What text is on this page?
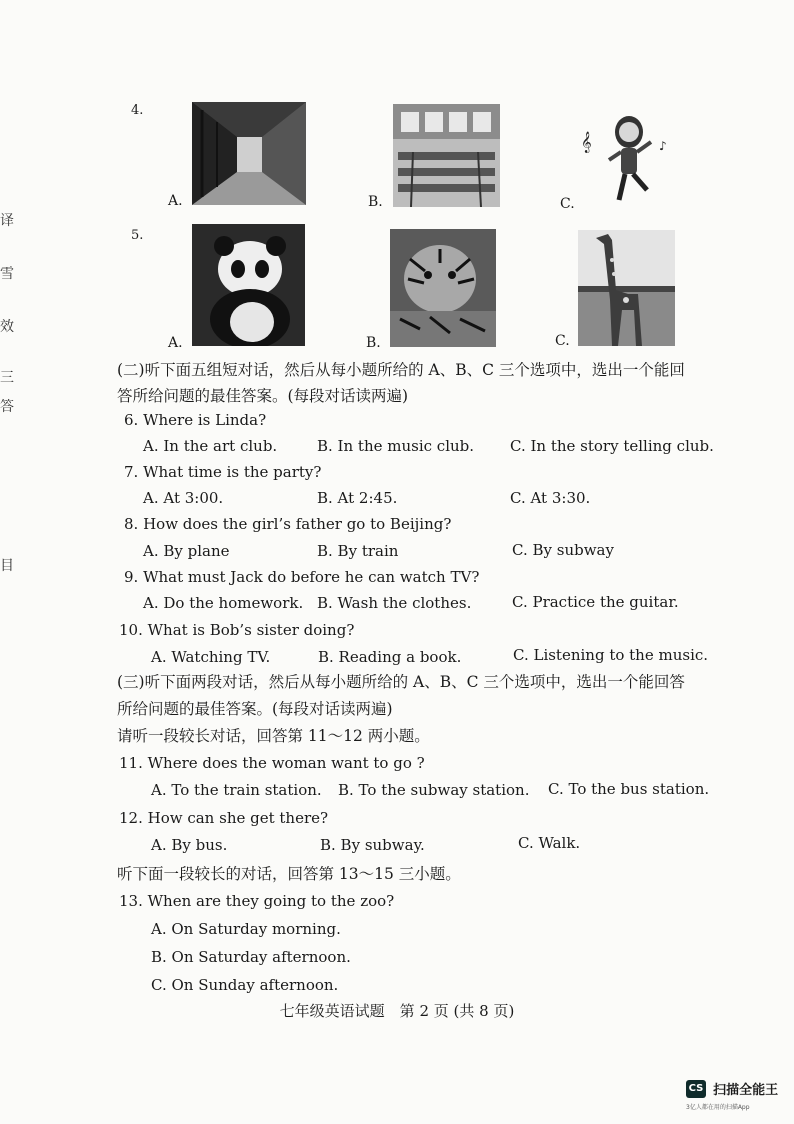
译
雪
效
三
答
目
4.
A.	B.	C.
𝄞	♪
5.
A.	B.	C.
(二)听下面五组短对话，然后从每小题所给的 A、B、C 三个选项中，选出一个能回
答所给问题的最佳答案。(每段对话读两遍)
6. Where is Linda?
A. In the art club.	B. In the music club. C. In the story telling club.
7. What time is the party?
A. At 3:00.	B. At 2:45.	C. At 3:30.
8. How does the girl’s father go to Beijing?
A. By plane	B. By train	C. By subway
9. What must Jack do before he can watch TV?
A. Do the homework. B. Wash the clothes.	C. Practice the guitar.
10. What is Bob’s sister doing?
A. Watching TV.	B. Reading a book.	C. Listening to the music.
(三)听下面两段对话，然后从每小题所给的 A、B、C 三个选项中，选出一个能回答
所给问题的最佳答案。(每段对话读两遍)
请听一段较长对话，回答第 11～12 两小题。
11. Where does the woman want to go ?
A. To the train station. B. To the subway station. C. To the bus station.
12. How can she get there?
A. By bus.	B. By subway.	C. Walk.
听下面一段较长的对话，回答第 13～15 三小题。
13. When are they going to the zoo?
A. On Saturday morning.
B. On Saturday afternoon.
C. On Sunday afternoon.
七年级英语试题　第 2 页 (共 8 页)
CS 扫描全能王
3亿人都在用的扫描App
